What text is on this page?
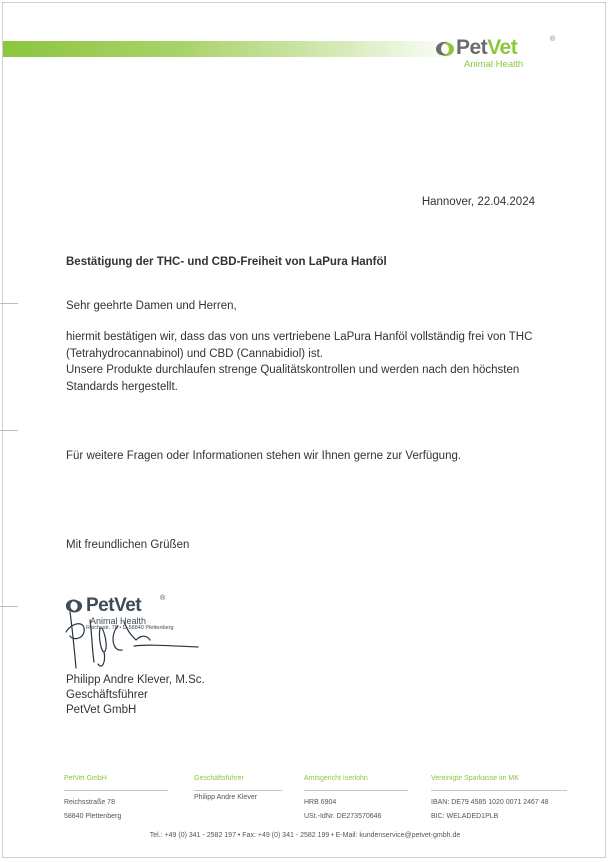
PetVet	®
Animal Health
Hannover, 22.04.2024
Bestätigung der THC- und CBD-Freiheit von LaPura Hanföl
Sehr geehrte Damen und Herren,

hiermit bestätigen wir, dass das von uns vertriebene LaPura Hanföl vollständig frei von THC
(Tetrahydrocannabinol) und CBD (Cannabidiol) ist.
Unsere Produkte durchlaufen strenge Qualitätskontrollen und werden nach den höchsten
Standards hergestellt.

Für weitere Fragen oder Informationen stehen wir Ihnen gerne zur Verfügung.
Mit freundlichen Grüßen
PetVet	®
Animal Health
Reichsstr. 78 • D-58840 Plettenberg
Philipp Andre Klever, M.Sc.
Geschäftsführer
PetVet GmbH
PetVet GmbH
Reichsstraße 78
58840 Plettenberg
Geschäftsführer
Philipp Andre Klever
Amtsgericht Iserlohn
HRB 6904
USt.-IdNr. DE273570646
Vereinigte Sparkasse im MK
IBAN: DE79 4585 1020 0071 2467 48
BIC: WELADED1PLB
Tel.: +49 (0) 341 - 2582 197 • Fax: +49 (0) 341 - 2582 199 • E-Mail: kundenservice@petvet-gmbh.de
